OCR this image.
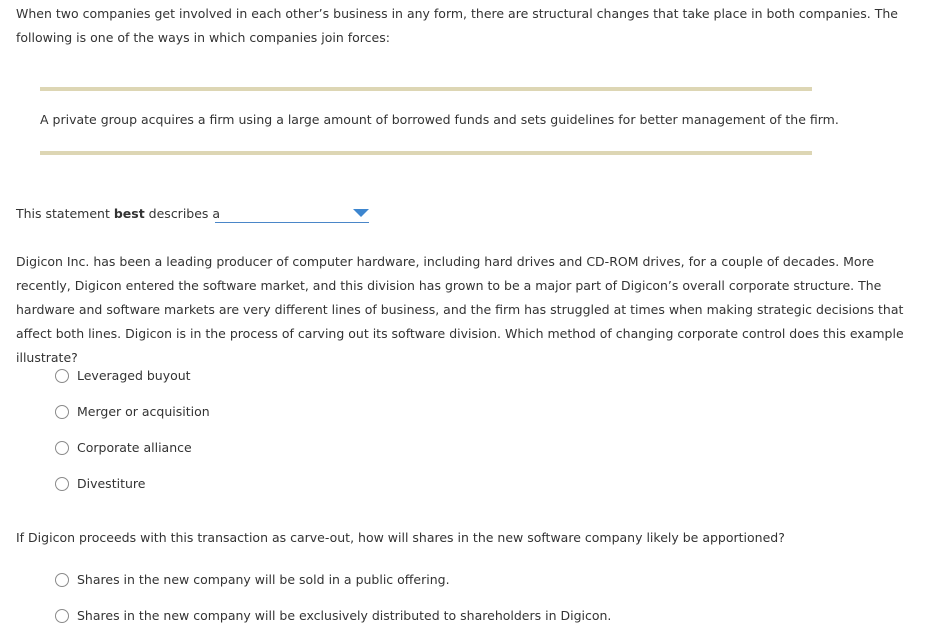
When two companies get involved in each other’s business in any form, there are structural changes that take place in both companies. The following is one of the ways in which companies join forces:

A private group acquires a firm using a large amount of borrowed funds and sets guidelines for better management of the firm.

This statement best describes a

Digicon Inc. has been a leading producer of computer hardware, including hard drives and CD-ROM drives, for a couple of decades. More recently, Digicon entered the software market, and this division has grown to be a major part of Digicon’s overall corporate structure. The hardware and software markets are very different lines of business, and the firm has struggled at times when making strategic decisions that affect both lines. Digicon is in the process of carving out its software division. Which method of changing corporate control does this example illustrate?

Leveraged buyout
Merger or acquisition
Corporate alliance
Divestiture

If Digicon proceeds with this transaction as carve-out, how will shares in the new software company likely be apportioned?

Shares in the new company will be sold in a public offering.
Shares in the new company will be exclusively distributed to shareholders in Digicon.
